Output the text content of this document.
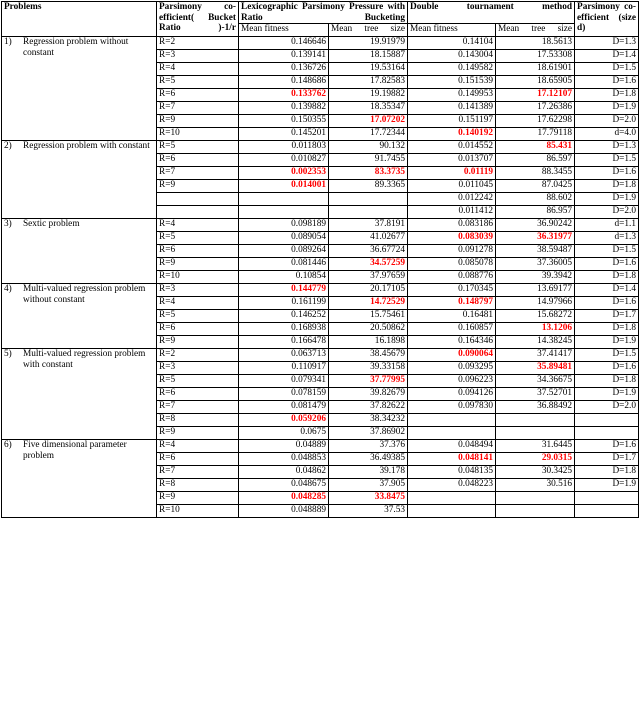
Problems	Parsimony co-efficient( Bucket Ratio )-1/r	Lexicographic Parsimony Pressure with Ratio Bucketing		Double tournament method		Parsimony co-efficient (size d)
		Mean fitness	Mean tree size	Mean fitness	Mean tree size	

1) Regression problem without constant	R=2	0.146646	19.91979	0.14104	18.5613	D=1.3
	R=3	0.139141	18.15887	0.143004	17.53308	D=1.4
	R=4	0.136726	19.53164	0.149582	18.61901	D=1.5
	R=5	0.148686	17.82583	0.151539	18.65905	D=1.6
	R=6	0.133762	19.19882	0.149953	17.12107	D=1.8
	R=7	0.139882	18.35347	0.141389	17.26386	D=1.9
	R=9	0.150355	17.07202	0.151197	17.62298	D=2.0
	R=10	0.145201	17.72344	0.140192	17.79118	d=4.0

2) Regression problem with constant	R=5	0.011803	90.132	0.014552	85.431	D=1.3
	R=6	0.010827	91.7455	0.013707	86.597	D=1.5
	R=7	0.002353	83.3735	0.01119	88.3455	D=1.6
	R=9	0.014001	89.3365	0.011045	87.0425	D=1.8
				0.012242	88.602	D=1.9
				0.011412	86.957	D=2.0

3) Sextic problem	R=4	0.098189	37.8191	0.083186	36.90242	d=1.1
	R=5	0.089054	41.02677	0.083039	36.31977	d=1.3
	R=6	0.089264	36.67724	0.091278	38.59487	D=1.5
	R=9	0.081446	34.57259	0.085078	37.36005	D=1.6
	R=10	0.10854	37.97659	0.088776	39.3942	D=1.8

4) Multi-valued regression problem without constant	R=3	0.144779	20.17105	0.170345	13.69177	D=1.4
	R=4	0.161199	14.72529	0.148797	14.97966	D=1.6
	R=5	0.146252	15.75461	0.16481	15.68272	D=1.7
	R=6	0.168938	20.50862	0.160857	13.1206	D=1.8
	R=9	0.166478	16.1898	0.164346	14.38245	D=1.9

5) Multi-valued regression problem with constant	R=2	0.063713	38.45679	0.090064	37.41417	D=1.5
	R=3	0.110917	39.33158	0.093295	35.89481	D=1.6
	R=5	0.079341	37.77995	0.096223	34.36675	D=1.8
	R=6	0.078159	39.82679	0.094126	37.52701	D=1.9
	R=7	0.081479	37.82622	0.097830	36.88492	D=2.0
	R=8	0.059206	38.34232			
	R=9	0.0675	37.86902			

6) Five dimensional parameter problem	R=4	0.04889	37.376	0.048494	31.6445	D=1.6
	R=6	0.048853	36.49385	0.048141	29.0315	D=1.7
	R=7	0.04862	39.178	0.048135	30.3425	D=1.8
	R=8	0.048675	37.905	0.048223	30.516	D=1.9
	R=9	0.048285	33.8475			
	R=10	0.048889	37.53			
